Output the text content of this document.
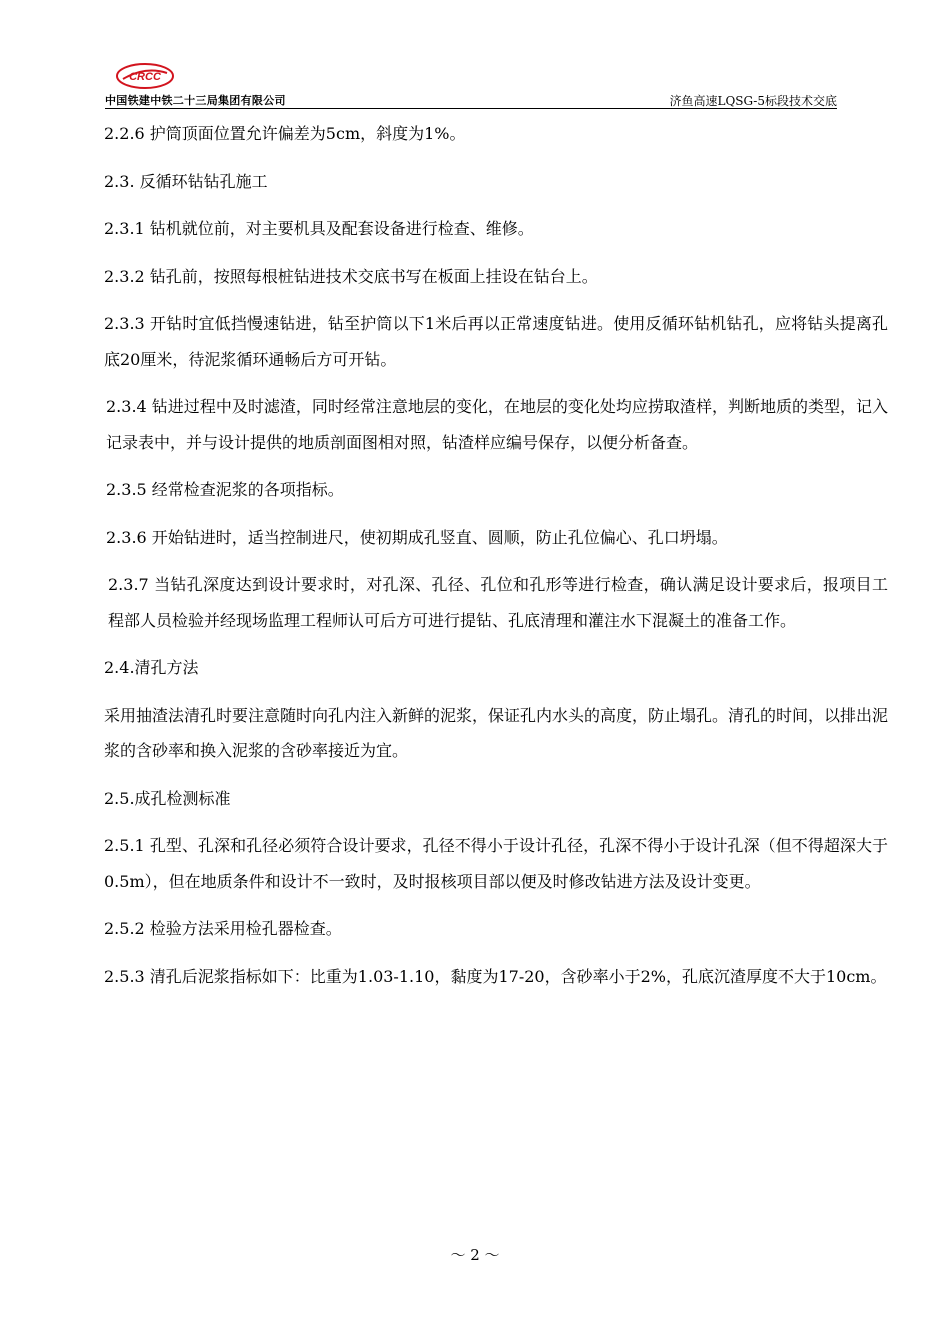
CRCC
中国铁建中铁二十三局集团有限公司	济鱼高速LQSG-5标段技术交底

2.2.6 护筒顶面位置允许偏差为5cm，斜度为1%。

2.3. 反循环钻钻孔施工

2.3.1 钻机就位前，对主要机具及配套设备进行检查、维修。

2.3.2 钻孔前，按照每根桩钻进技术交底书写在板面上挂设在钻台上。

2.3.3 开钻时宜低挡慢速钻进，钻至护筒以下1米后再以正常速度钻进。使用反循环钻机钻孔，应将钻头提离孔底20厘米，待泥浆循环通畅后方可开钻。

2.3.4 钻进过程中及时滤渣，同时经常注意地层的变化，在地层的变化处均应捞取渣样，判断地质的类型，记入记录表中，并与设计提供的地质剖面图相对照，钻渣样应编号保存，以便分析备查。

2.3.5 经常检查泥浆的各项指标。

2.3.6 开始钻进时，适当控制进尺，使初期成孔竖直、圆顺，防止孔位偏心、孔口坍塌。

2.3.7 当钻孔深度达到设计要求时，对孔深、孔径、孔位和孔形等进行检查，确认满足设计要求后，报项目工程部人员检验并经现场监理工程师认可后方可进行提钻、孔底清理和灌注水下混凝土的准备工作。

2.4.清孔方法

采用抽渣法清孔时要注意随时向孔内注入新鲜的泥浆，保证孔内水头的高度，防止塌孔。清孔的时间，以排出泥浆的含砂率和换入泥浆的含砂率接近为宜。

2.5.成孔检测标准

2.5.1 孔型、孔深和孔径必须符合设计要求，孔径不得小于设计孔径，孔深不得小于设计孔深（但不得超深大于 0.5m），但在地质条件和设计不一致时，及时报核项目部以便及时修改钻进方法及设计变更。

2.5.2 检验方法采用检孔器检查。

2.5.3 清孔后泥浆指标如下：比重为1.03-1.10，黏度为17-20，含砂率小于2%，孔底沉渣厚度不大于10cm。

～ 2 ～
